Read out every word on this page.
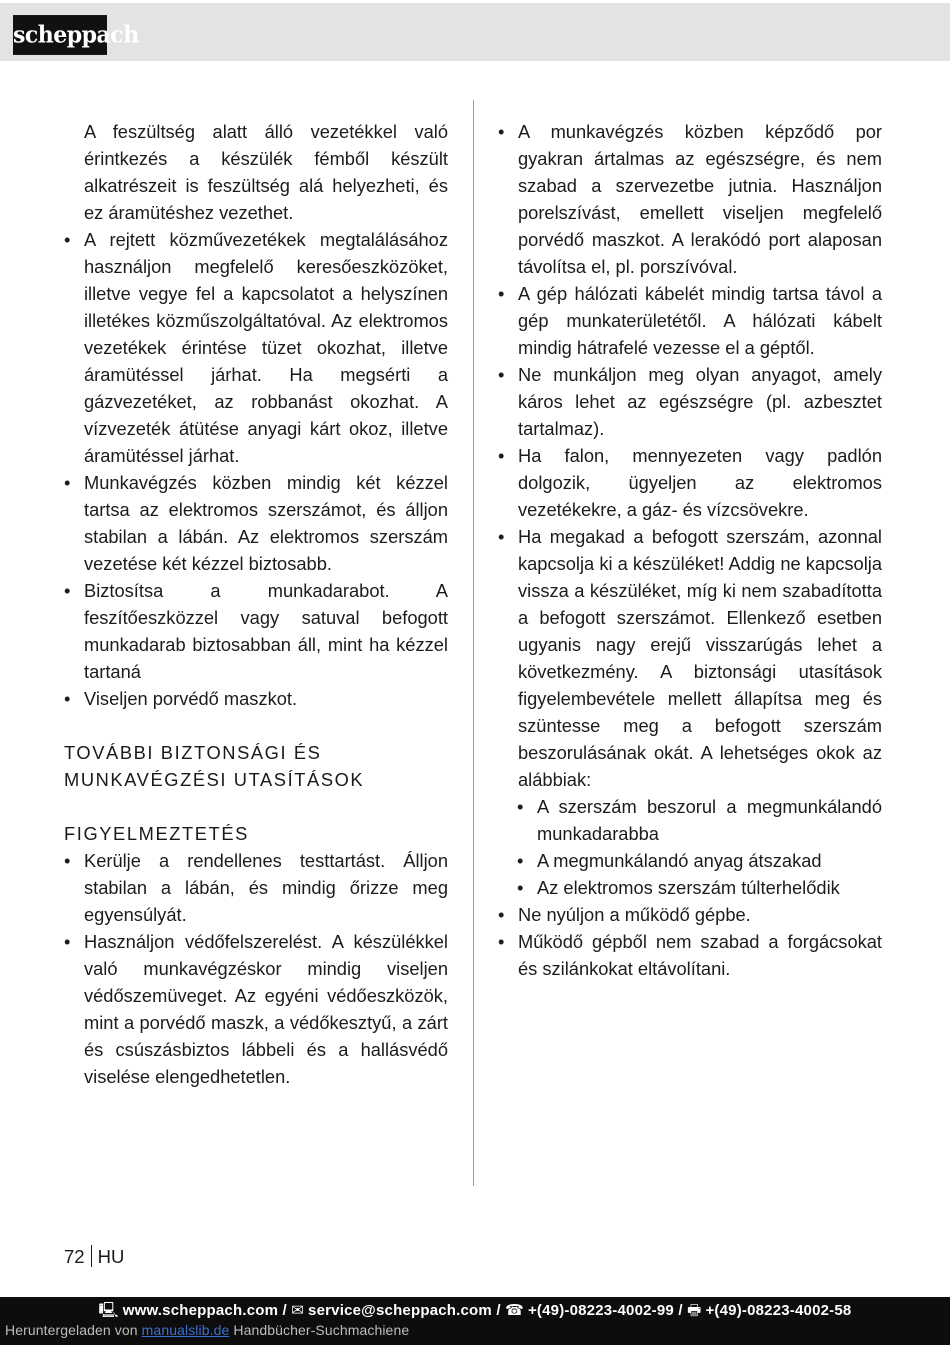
scheppach

A feszültség alatt álló vezetékkel való érintkezés a készülék fémből készült alkatrészeit is feszültség alá helyezheti, és ez áramütéshez vezethet.

• A rejtett közművezetékek megtalálásához használjon megfelelő keresőeszközöket, illetve vegye fel a kapcsolatot a helyszínen illetékes közműszolgáltatóval. Az elektromos vezetékek érintése tüzet okozhat, illetve áramütéssel járhat. Ha megsérti a gázvezetéket, az robbanást okozhat. A vízvezeték átütése anyagi kárt okoz, illetve áramütéssel járhat.
• Munkavégzés közben mindig két kézzel tartsa az elektromos szerszámot, és álljon stabilan a lábán. Az elektromos szerszám vezetése két kézzel biztosabb.
• Biztosítsa a munkadarabot. A feszítőeszközzel vagy satuval befogott munkadarab biztosabban áll, mint ha kézzel tartaná
• Viseljen porvédő maszkot.
TOVÁBBI BIZTONSÁGI ÉS
MUNKAVÉGZÉSI UTASÍTÁSOK
FIGYELMEZTETÉS
• Kerülje a rendellenes testtartást. Álljon stabilan a lábán, és mindig őrizze meg egyensúlyát.
• Használjon védőfelszerelést. A készülékkel való munkavégzéskor mindig viseljen védőszemüveget. Az egyéni védőeszközök, mint a porvédő maszk, a védőkesztyű, a zárt és csúszásbiztos lábbeli és a hallásvédő viselése elengedhetetlen.
• A munkavégzés közben képződő por gyakran ártalmas az egészségre, és nem szabad a szervezetbe jutnia. Használjon porelszívást, emellett viseljen megfelelő porvédő maszkot. A lerakódó port alaposan távolítsa el, pl. porszívóval.
• A gép hálózati kábelét mindig tartsa távol a gép munkaterületétől. A hálózati kábelt mindig hátrafelé vezesse el a géptől.
• Ne munkáljon meg olyan anyagot, amely káros lehet az egészségre (pl. azbesztet tartalmaz).
• Ha falon, mennyezeten vagy padlón dolgozik, ügyeljen az elektromos vezetékekre, a gáz- és vízcsövekre.
• Ha megakad a befogott szerszám, azonnal kapcsolja ki a készüléket! Addig ne kapcsolja vissza a készüléket, míg ki nem szabadította a befogott szerszámot. Ellenkező esetben ugyanis nagy erejű visszarúgás lehet a következmény. A biztonsági utasítások figyelembevétele mellett állapítsa meg és szüntesse meg a befogott szerszám beszorulásának okát. A lehetséges okok az alábbiak:
• A szerszám beszorul a megmunkálandó munkadarabba
• A megmunkálandó anyag átszakad
• Az elektromos szerszám túlterhelődik
• Ne nyúljon a működő gépbe.
• Működő gépből nem szabad a forgácsokat és szilánkokat eltávolítani.
72 HU
🖳 www.scheppach.com / ✉ service@scheppach.com / ☎ +(49)-08223-4002-99 / 🖶 +(49)-08223-4002-58
Heruntergeladen von manualslib.de Handbücher-Suchmachiene
